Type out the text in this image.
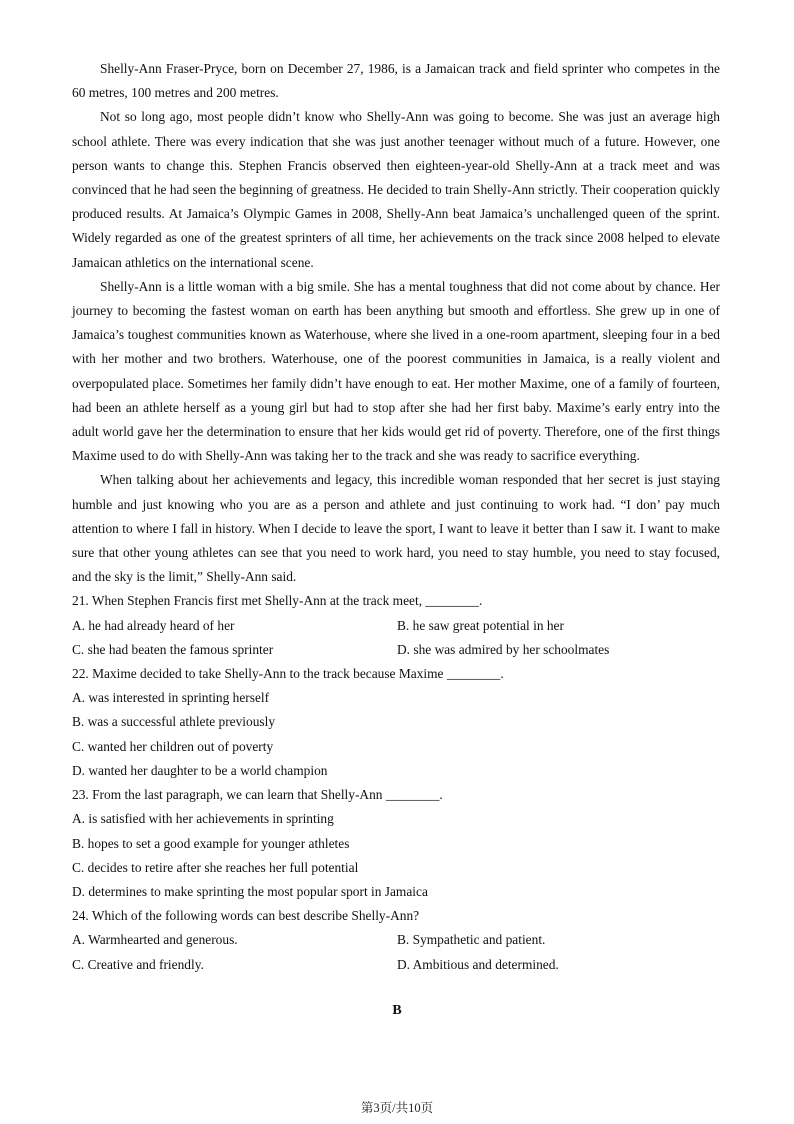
Shelly-Ann Fraser-Pryce, born on December 27, 1986, is a Jamaican track and field sprinter who competes in the 60 metres, 100 metres and 200 metres.

Not so long ago, most people didn’t know who Shelly-Ann was going to become. She was just an average high school athlete. There was every indication that she was just another teenager without much of a future. However, one person wants to change this. Stephen Francis observed then eighteen-year-old Shelly-Ann at a track meet and was convinced that he had seen the beginning of greatness. He decided to train Shelly-Ann strictly. Their cooperation quickly produced results. At Jamaica’s Olympic Games in 2008, Shelly-Ann beat Jamaica’s unchallenged queen of the sprint. Widely regarded as one of the greatest sprinters of all time, her achievements on the track since 2008 helped to elevate Jamaican athletics on the international scene.

Shelly-Ann is a little woman with a big smile. She has a mental toughness that did not come about by chance. Her journey to becoming the fastest woman on earth has been anything but smooth and effortless. She grew up in one of Jamaica’s toughest communities known as Waterhouse, where she lived in a one-room apartment, sleeping four in a bed with her mother and two brothers. Waterhouse, one of the poorest communities in Jamaica, is a really violent and overpopulated place. Sometimes her family didn’t have enough to eat. Her mother Maxime, one of a family of fourteen, had been an athlete herself as a young girl but had to stop after she had her first baby. Maxime’s early entry into the adult world gave her the determination to ensure that her kids would get rid of poverty. Therefore, one of the first things Maxime used to do with Shelly-Ann was taking her to the track and she was ready to sacrifice everything.

When talking about her achievements and legacy, this incredible woman responded that her secret is just staying humble and just knowing who you are as a person and athlete and just continuing to work had. “I don’ pay much attention to where I fall in history. When I decide to leave the sport, I want to leave it better than I saw it. I want to make sure that other young athletes can see that you need to work hard, you need to stay humble, you need to stay focused, and the sky is the limit,” Shelly-Ann said.

21. When Stephen Francis first met Shelly-Ann at the track meet, ________.

A. he had already heard of her	B. he saw great potential in her

C. she had beaten the famous sprinter	D. she was admired by her schoolmates

22. Maxime decided to take Shelly-Ann to the track because Maxime ________.

A. was interested in sprinting herself

B. was a successful athlete previously

C. wanted her children out of poverty

D. wanted her daughter to be a world champion

23. From the last paragraph, we can learn that Shelly-Ann ________.

A. is satisfied with her achievements in sprinting

B. hopes to set a good example for younger athletes

C. decides to retire after she reaches her full potential

D. determines to make sprinting the most popular sport in Jamaica

24. Which of the following words can best describe Shelly-Ann?

A. Warmhearted and generous.	B. Sympathetic and patient.

C. Creative and friendly.	D. Ambitious and determined.

B
第3页/共10页
